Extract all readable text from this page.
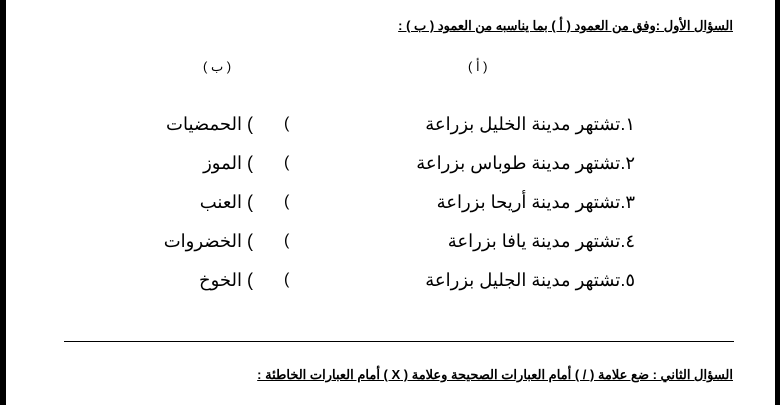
السؤال الأول :وفق من العمود ( أ ) بما يناسبه من العمود ( ب ) :
( ب )	( أ )
١.تشتهر مدينة الخليل بزراعة
(
) الحمضيات
٢.تشتهر مدينة طوباس بزراعة
(
) الموز
٣.تشتهر مدينة أريحا بزراعة
(
) العنب
٤.تشتهر مدينة يافا بزراعة
(
) الخضروات
٥.تشتهر مدينة الجليل بزراعة
(
) الخوخ
السؤال الثاني : ضع علامة ( / ) أمام العبارات الصحيحة وعلامة ( X ) أمام العبارات الخاطئة :
